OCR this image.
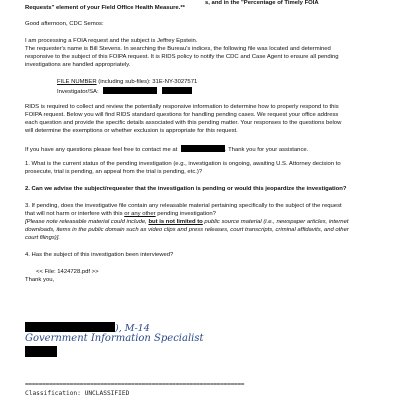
s, and in the "Percentage of Timely FOIA
Requests" element of your Field Office Health Measure.**
Good afternoon, CDC Semos:
I am processing a FOIA request and the subject is Jeffrey Epstein.
The requester's name is Bill Stevens. In searching the Bureau's indices, the following file was located and determined
responsive to the subject of this FOIPA request. It is RIDS policy to notify the CDC and Case Agent to ensure all pending
investigations are handled appropriately.
FILE NUMBER (including sub-files): 31E-NY-3027571
Investigator/SA:
RIDS is required to collect and review the potentially responsive information to determine how to properly respond to this
FOIPA request. Below you will find RIDS standard questions for handling pending cases. We request your office address
each question and provide the specific details associated with this pending matter. Your responses to the questions below
will determine the exemptions or whether exclusion is appropriate for this request.
If you have any questions please feel free to contact me at	. Thank you for your assistance.
1. What is the current status of the pending investigation (e.g., investigation is ongoing, awaiting U.S. Attorney decision to
prosecute, trial is pending, an appeal from the trial is pending, etc.)?
2. Can we advise the subject/requester that the investigation is pending or would this jeopardize the investigation?
3. If pending, does the investigative file contain any releasable material pertaining specifically to the subject of the request
that will not harm or interfere with this or any other pending investigation?
[Please note releasable material could include, but is not limited to public source material (i.e., newspaper articles, internet
downloads, items in the public domain such as video clips and press releases, court transcripts, criminal affidavits, and other
court filings)].
4. Has the subject of this investigation been interviewed?
<< File: 1424728.pdf >>
Thank you,
), M-14
Government Information Specialist
================================================================
Classification: UNCLASSIFIED
